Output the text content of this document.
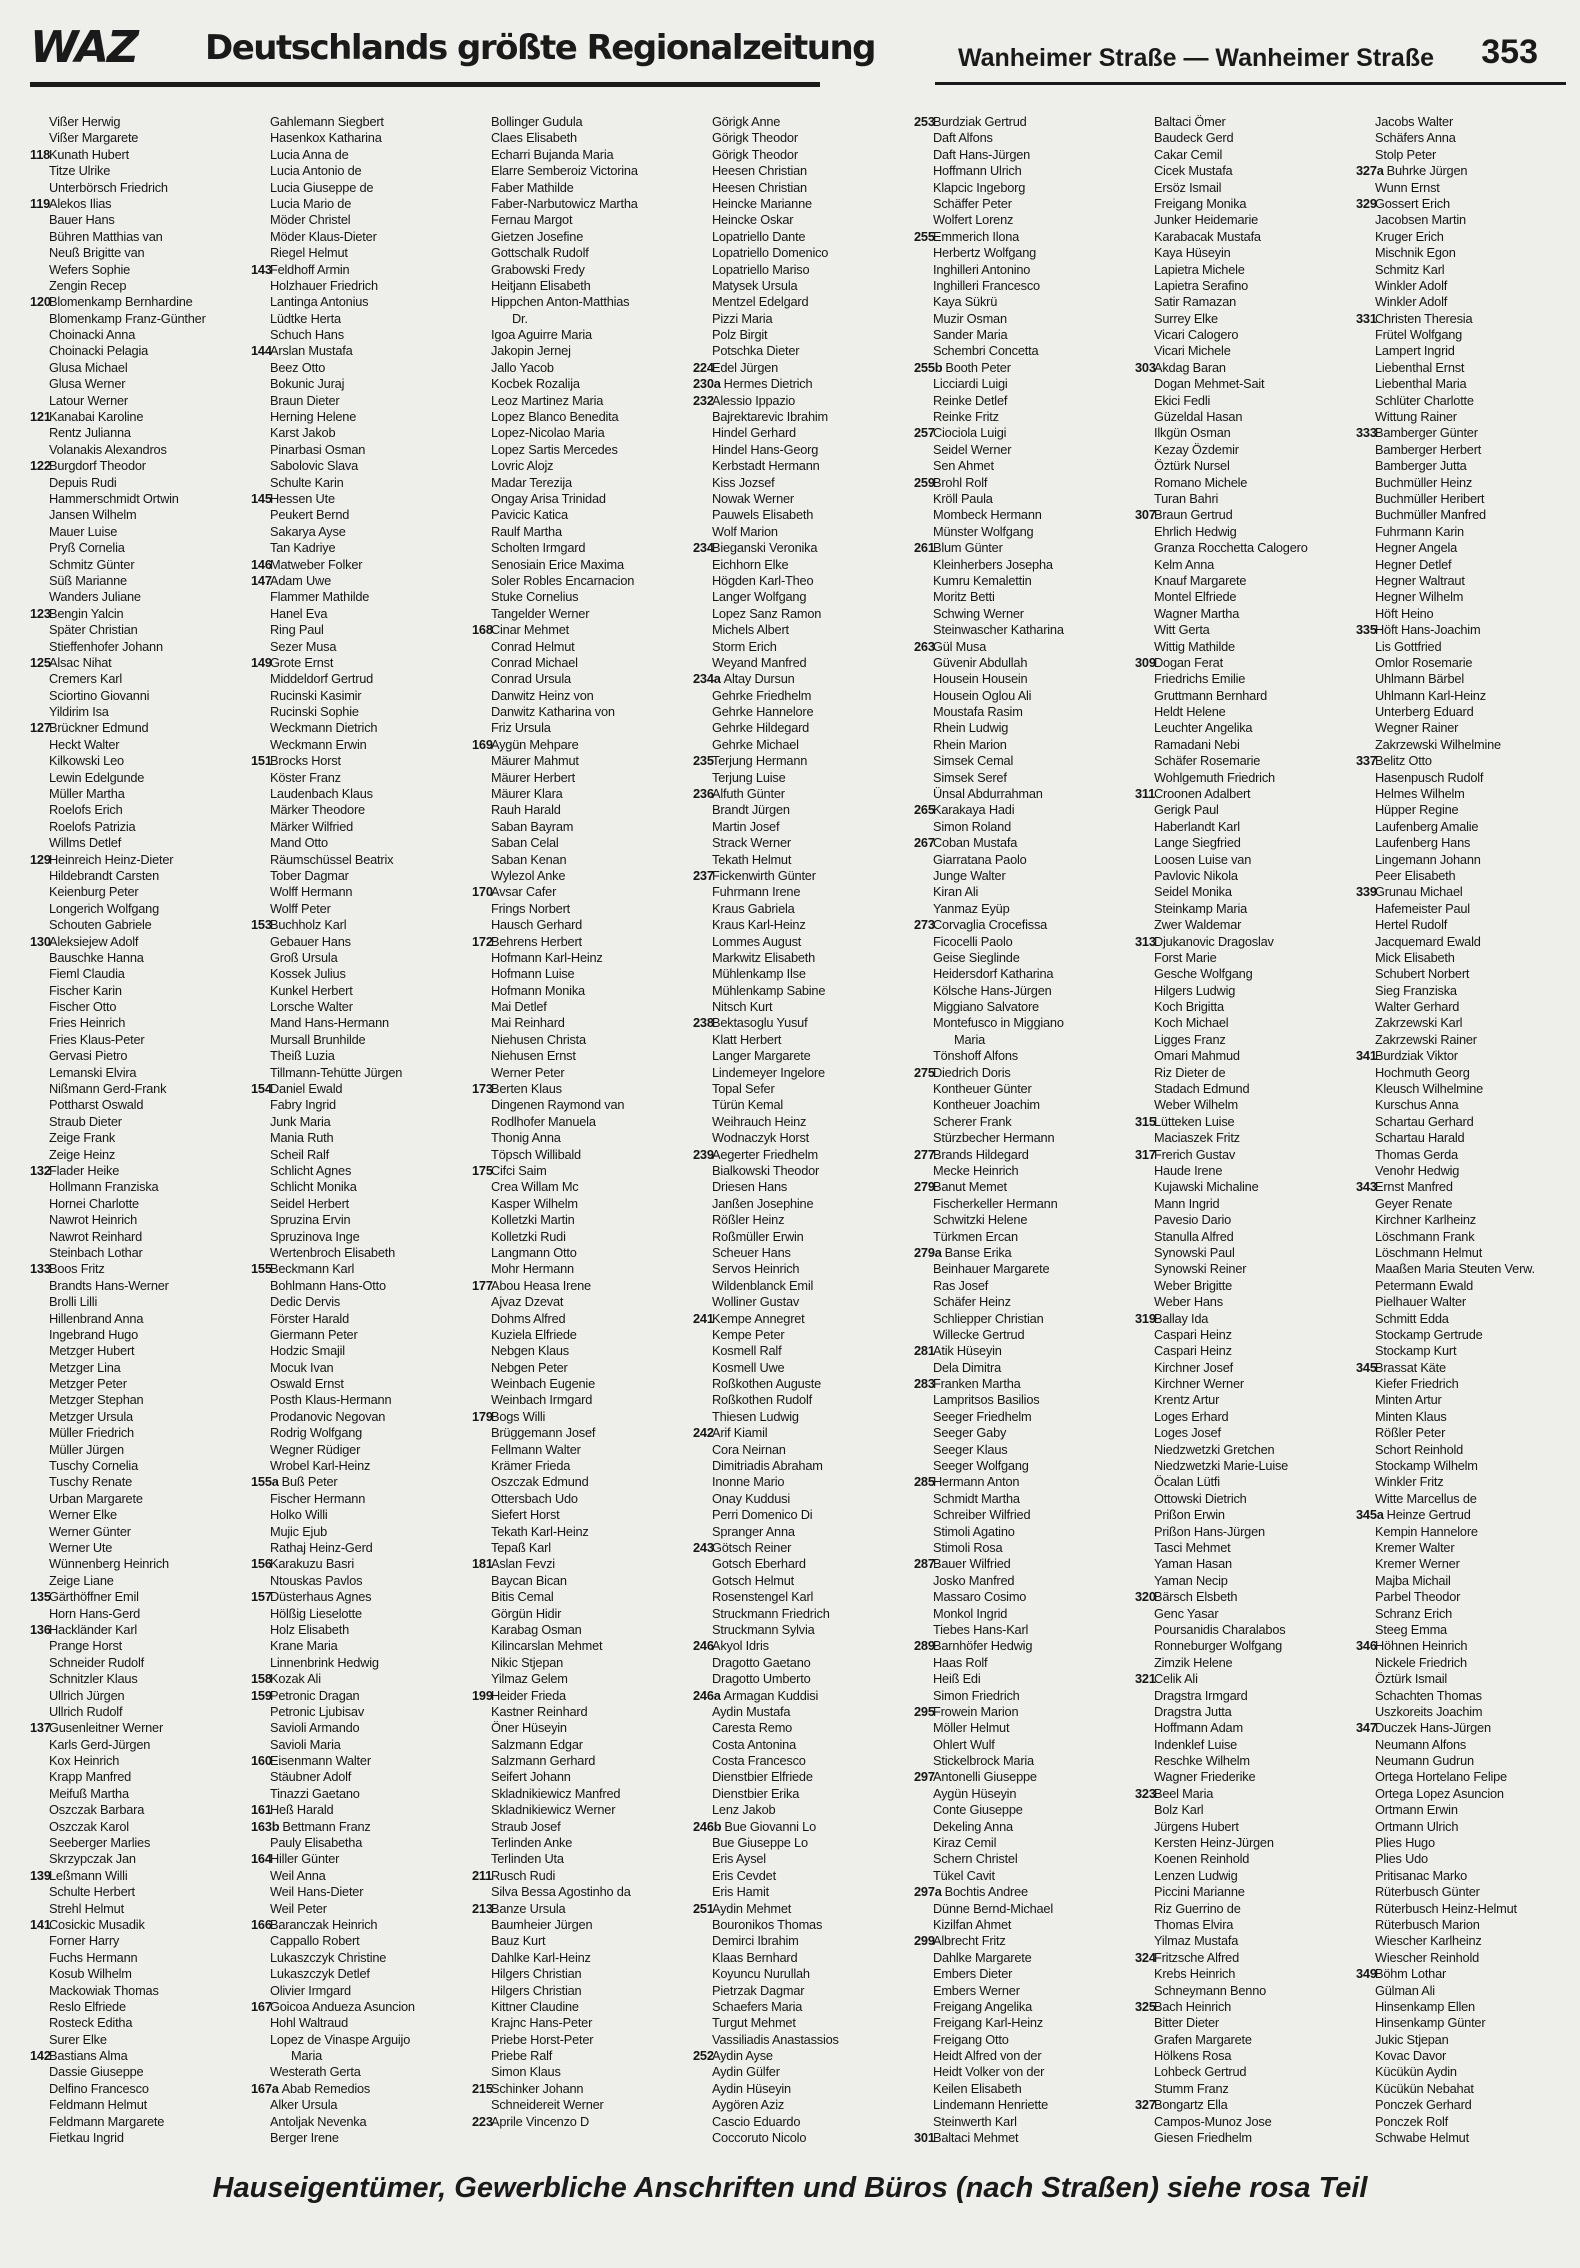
WAZ Deutschlands größte Regionalzeitung	Wanheimer Straße — Wanheimer Straße 353
Vißer Herwig
Vißer Margarete
118Kunath Hubert
Titze Ulrike
Unterbörsch Friedrich
119Alekos Ilias
Bauer Hans
Bühren Matthias van
Neuß Brigitte van
Wefers Sophie
Zengin Recep
120Blomenkamp Bernhardine
Blomenkamp Franz-Günther
Choinacki Anna
Choinacki Pelagia
Glusa Michael
Glusa Werner
Latour Werner
121Kanabai Karoline
Rentz Julianna
Volanakis Alexandros
122Burgdorf Theodor
Depuis Rudi
Hammerschmidt Ortwin
Jansen Wilhelm
Mauer Luise
Pryß Cornelia
Schmitz Günter
Süß Marianne
Wanders Juliane
123Bengin Yalcin
Später Christian
Stieffenhofer Johann
125Alsac Nihat
Cremers Karl
Sciortino Giovanni
Yildirim Isa
127Brückner Edmund
Heckt Walter
Kilkowski Leo
Lewin Edelgunde
Müller Martha
Roelofs Erich
Roelofs Patrizia
Willms Detlef
129Heinreich Heinz-Dieter
Hildebrandt Carsten
Keienburg Peter
Longerich Wolfgang
Schouten Gabriele
130Aleksiejew Adolf
Bauschke Hanna
Fieml Claudia
Fischer Karin
Fischer Otto
Fries Heinrich
Fries Klaus-Peter
Gervasi Pietro
Lemanski Elvira
Nißmann Gerd-Frank
Pottharst Oswald
Straub Dieter
Zeige Frank
Zeige Heinz
132Flader Heike
Hollmann Franziska
Hornei Charlotte
Nawrot Heinrich
Nawrot Reinhard
Steinbach Lothar
133Boos Fritz
Brandts Hans-Werner
Brolli Lilli
Hillenbrand Anna
Ingebrand Hugo
Metzger Hubert
Metzger Lina
Metzger Peter
Metzger Stephan
Metzger Ursula
Müller Friedrich
Müller Jürgen
Tuschy Cornelia
Tuschy Renate
Urban Margarete
Werner Elke
Werner Günter
Werner Ute
Wünnenberg Heinrich
Zeige Liane
135Gärthöffner Emil
Horn Hans-Gerd
136Hackländer Karl
Prange Horst
Schneider Rudolf
Schnitzler Klaus
Ullrich Jürgen
Ullrich Rudolf
137Gusenleitner Werner
Karls Gerd-Jürgen
Kox Heinrich
Krapp Manfred
Meifuß Martha
Oszczak Barbara
Oszczak Karol
Seeberger Marlies
Skrzypczak Jan
139Leßmann Willi
Schulte Herbert
Strehl Helmut
141Cosickic Musadik
Forner Harry
Fuchs Hermann
Kosub Wilhelm
Mackowiak Thomas
Reslo Elfriede
Rosteck Editha
Surer Elke
142Bastians Alma
Dassie Giuseppe
Delfino Francesco
Feldmann Helmut
Feldmann Margarete
Fietkau Ingrid
Gahlemann Siegbert
Hasenkox Katharina
Lucia Anna de
Lucia Antonio de
Lucia Giuseppe de
Lucia Mario de
Möder Christel
Möder Klaus-Dieter
Riegel Helmut
143Feldhoff Armin
Holzhauer Friedrich
Lantinga Antonius
Lüdtke Herta
Schuch Hans
144Arslan Mustafa
Beez Otto
Bokunic Juraj
Braun Dieter
Herning Helene
Karst Jakob
Pinarbasi Osman
Sabolovic Slava
Schulte Karin
145Hessen Ute
Peukert Bernd
Sakarya Ayse
Tan Kadriye
146Matweber Folker
147Adam Uwe
Flammer Mathilde
Hanel Eva
Ring Paul
Sezer Musa
149Grote Ernst
Middeldorf Gertrud
Rucinski Kasimir
Rucinski Sophie
Weckmann Dietrich
Weckmann Erwin
151Brocks Horst
Köster Franz
Laudenbach Klaus
Märker Theodore
Märker Wilfried
Mand Otto
Räumschüssel Beatrix
Tober Dagmar
Wolff Hermann
Wolff Peter
153Buchholz Karl
Gebauer Hans
Groß Ursula
Kossek Julius
Kunkel Herbert
Lorsche Walter
Mand Hans-Hermann
Mursall Brunhilde
Theiß Luzia
Tillmann-Tehütte Jürgen
154Daniel Ewald
Fabry Ingrid
Junk Maria
Mania Ruth
Scheil Ralf
Schlicht Agnes
Schlicht Monika
Seidel Herbert
Spruzina Ervin
Spruzinova Inge
Wertenbroch Elisabeth
155Beckmann Karl
Bohlmann Hans-Otto
Dedic Dervis
Förster Harald
Giermann Peter
Hodzic Smajil
Mocuk Ivan
Oswald Ernst
Posth Klaus-Hermann
Prodanovic Negovan
Rodrig Wolfgang
Wegner Rüdiger
Wrobel Karl-Heinz
155a Buß Peter
Fischer Hermann
Holko Willi
Mujic Ejub
Rathaj Heinz-Gerd
156Karakuzu Basri
Ntouskas Pavlos
157Düsterhaus Agnes
Hölßig Lieselotte
Holz Elisabeth
Krane Maria
Linnenbrink Hedwig
158Kozak Ali
159Petronic Dragan
Petronic Ljubisav
Savioli Armando
Savioli Maria
160Eisenmann Walter
Stäubner Adolf
Tinazzi Gaetano
161Heß Harald
163b Bettmann Franz
Pauly Elisabetha
164Hiller Günter
Weil Anna
Weil Hans-Dieter
Weil Peter
166Baranczak Heinrich
Cappallo Robert
Lukaszczyk Christine
Lukaszczyk Detlef
Olivier Irmgard
167Goicoa Andueza Asuncion
Hohl Waltraud
Lopez de Vinaspe Arguijo
Maria
Westerath Gerta
167a Abab Remedios
Alker Ursula
Antoljak Nevenka
Berger Irene
Bollinger Gudula
Claes Elisabeth
Echarri Bujanda Maria
Elarre Semberoiz Victorina
Faber Mathilde
Faber-Narbutowicz Martha
Fernau Margot
Gietzen Josefine
Gottschalk Rudolf
Grabowski Fredy
Heitjann Elisabeth
Hippchen Anton-Matthias
Dr.
Igoa Aguirre Maria
Jakopin Jernej
Jallo Yacob
Kocbek Rozalija
Leoz Martinez Maria
Lopez Blanco Benedita
Lopez-Nicolao Maria
Lopez Sartis Mercedes
Lovric Alojz
Madar Terezija
Ongay Arisa Trinidad
Pavicic Katica
Raulf Martha
Scholten Irmgard
Senosiain Erice Maxima
Soler Robles Encarnacion
Stuke Cornelius
Tangelder Werner
168Cinar Mehmet
Conrad Helmut
Conrad Michael
Conrad Ursula
Danwitz Heinz von
Danwitz Katharina von
Friz Ursula
169Aygün Mehpare
Mäurer Mahmut
Mäurer Herbert
Mäurer Klara
Rauh Harald
Saban Bayram
Saban Celal
Saban Kenan
Wylezol Anke
170Avsar Cafer
Frings Norbert
Hausch Gerhard
172Behrens Herbert
Hofmann Karl-Heinz
Hofmann Luise
Hofmann Monika
Mai Detlef
Mai Reinhard
Niehusen Christa
Niehusen Ernst
Werner Peter
173Berten Klaus
Dingenen Raymond van
Rodlhofer Manuela
Thonig Anna
Töpsch Willibald
175Cifci Saim
Crea Willam Mc
Kasper Wilhelm
Kolletzki Martin
Kolletzki Rudi
Langmann Otto
Mohr Hermann
177Abou Heasa Irene
Ajvaz Dzevat
Dohms Alfred
Kuziela Elfriede
Nebgen Klaus
Nebgen Peter
Weinbach Eugenie
Weinbach Irmgard
179Bogs Willi
Brüggemann Josef
Fellmann Walter
Krämer Frieda
Oszczak Edmund
Ottersbach Udo
Siefert Horst
Tekath Karl-Heinz
Tepaß Karl
181Aslan Fevzi
Baycan Bican
Bitis Cemal
Görgün Hidir
Karabag Osman
Kilincarslan Mehmet
Nikic Stjepan
Yilmaz Gelem
199Heider Frieda
Kastner Reinhard
Öner Hüseyin
Salzmann Edgar
Salzmann Gerhard
Seifert Johann
Skladnikiewicz Manfred
Skladnikiewicz Werner
Straub Josef
Terlinden Anke
Terlinden Uta
211Rusch Rudi
Silva Bessa Agostinho da
213Banze Ursula
Baumheier Jürgen
Bauz Kurt
Dahlke Karl-Heinz
Hilgers Christian
Hilgers Christian
Kittner Claudine
Krajnc Hans-Peter
Priebe Horst-Peter
Priebe Ralf
Simon Klaus
215Schinker Johann
Schneidereit Werner
223Aprile Vincenzo D
Görigk Anne
Görigk Theodor
Görigk Theodor
Heesen Christian
Heesen Christian
Heincke Marianne
Heincke Oskar
Lopatriello Dante
Lopatriello Domenico
Lopatriello Mariso
Matysek Ursula
Mentzel Edelgard
Pizzi Maria
Polz Birgit
Potschka Dieter
224Edel Jürgen
230a Hermes Dietrich
232Alessio Ippazio
Bajrektarevic Ibrahim
Hindel Gerhard
Hindel Hans-Georg
Kerbstadt Hermann
Kiss Jozsef
Nowak Werner
Pauwels Elisabeth
Wolf Marion
234Bieganski Veronika
Eichhorn Elke
Högden Karl-Theo
Langer Wolfgang
Lopez Sanz Ramon
Michels Albert
Storm Erich
Weyand Manfred
234a Altay Dursun
Gehrke Friedhelm
Gehrke Hannelore
Gehrke Hildegard
Gehrke Michael
235Terjung Hermann
Terjung Luise
236Alfuth Günter
Brandt Jürgen
Martin Josef
Strack Werner
Tekath Helmut
237Fickenwirth Günter
Fuhrmann Irene
Kraus Gabriela
Kraus Karl-Heinz
Lommes August
Markwitz Elisabeth
Mühlenkamp Ilse
Mühlenkamp Sabine
Nitsch Kurt
238Bektasoglu Yusuf
Klatt Herbert
Langer Margarete
Lindemeyer Ingelore
Topal Sefer
Türün Kemal
Weihrauch Heinz
Wodnaczyk Horst
239Aegerter Friedhelm
Bialkowski Theodor
Driesen Hans
Janßen Josephine
Rößler Heinz
Roßmüller Erwin
Scheuer Hans
Servos Heinrich
Wildenblanck Emil
Wolliner Gustav
241Kempe Annegret
Kempe Peter
Kosmell Ralf
Kosmell Uwe
Roßkothen Auguste
Roßkothen Rudolf
Thiesen Ludwig
242Arif Kiamil
Cora Neirnan
Dimitriadis Abraham
Inonne Mario
Onay Kuddusi
Perri Domenico Di
Spranger Anna
243Götsch Reiner
Gotsch Eberhard
Gotsch Helmut
Rosenstengel Karl
Struckmann Friedrich
Struckmann Sylvia
246Akyol Idris
Dragotto Gaetano
Dragotto Umberto
246a Armagan Kuddisi
Aydin Mustafa
Caresta Remo
Costa Antonina
Costa Francesco
Dienstbier Elfriede
Dienstbier Erika
Lenz Jakob
246b Bue Giovanni Lo
Bue Giuseppe Lo
Eris Aysel
Eris Cevdet
Eris Hamit
251Aydin Mehmet
Bouronikos Thomas
Demirci Ibrahim
Klaas Bernhard
Koyuncu Nurullah
Pietrzak Dagmar
Schaefers Maria
Turgut Mehmet
Vassiliadis Anastassios
252Aydin Ayse
Aydin Gülfer
Aydin Hüseyin
Aygören Aziz
Cascio Eduardo
Coccoruto Nicolo
253Burdziak Gertrud
Daft Alfons
Daft Hans-Jürgen
Hoffmann Ulrich
Klapcic Ingeborg
Schäffer Peter
Wolfert Lorenz
255Emmerich Ilona
Herbertz Wolfgang
Inghilleri Antonino
Inghilleri Francesco
Kaya Sükrü
Muzir Osman
Sander Maria
Schembri Concetta
255b Booth Peter
Licciardi Luigi
Reinke Detlef
Reinke Fritz
257Ciociola Luigi
Seidel Werner
Sen Ahmet
259Brohl Rolf
Kröll Paula
Mombeck Hermann
Münster Wolfgang
261Blum Günter
Kleinherbers Josepha
Kumru Kemalettin
Moritz Betti
Schwing Werner
Steinwascher Katharina
263Gül Musa
Güvenir Abdullah
Housein Housein
Housein Oglou Ali
Moustafa Rasim
Rhein Ludwig
Rhein Marion
Simsek Cemal
Simsek Seref
Ünsal Abdurrahman
265Karakaya Hadi
Simon Roland
267Coban Mustafa
Giarratana Paolo
Junge Walter
Kiran Ali
Yanmaz Eyüp
273Corvaglia Crocefissa
Ficocelli Paolo
Geise Sieglinde
Heidersdorf Katharina
Kölsche Hans-Jürgen
Miggiano Salvatore
Montefusco in Miggiano
Maria
Tönshoff Alfons
275Diedrich Doris
Kontheuer Günter
Kontheuer Joachim
Scherer Frank
Stürzbecher Hermann
277Brands Hildegard
Mecke Heinrich
279Banut Memet
Fischerkeller Hermann
Schwitzki Helene
Türkmen Ercan
279a Banse Erika
Beinhauer Margarete
Ras Josef
Schäfer Heinz
Schliepper Christian
Willecke Gertrud
281Atik Hüseyin
Dela Dimitra
283Franken Martha
Lampritsos Basilios
Seeger Friedhelm
Seeger Gaby
Seeger Klaus
Seeger Wolfgang
285Hermann Anton
Schmidt Martha
Schreiber Wilfried
Stimoli Agatino
Stimoli Rosa
287Bauer Wilfried
Josko Manfred
Massaro Cosimo
Monkol Ingrid
Tiebes Hans-Karl
289Barnhöfer Hedwig
Haas Rolf
Heiß Edi
Simon Friedrich
295Frowein Marion
Möller Helmut
Ohlert Wulf
Stickelbrock Maria
297Antonelli Giuseppe
Aygün Hüseyin
Conte Giuseppe
Dekeling Anna
Kiraz Cemil
Schern Christel
Tükel Cavit
297a Bochtis Andree
Dünne Bernd-Michael
Kizilfan Ahmet
299Albrecht Fritz
Dahlke Margarete
Embers Dieter
Embers Werner
Freigang Angelika
Freigang Karl-Heinz
Freigang Otto
Heidt Alfred von der
Heidt Volker von der
Keilen Elisabeth
Lindemann Henriette
Steinwerth Karl
301Baltaci Mehmet
Baltaci Ömer
Baudeck Gerd
Cakar Cemil
Cicek Mustafa
Ersöz Ismail
Freigang Monika
Junker Heidemarie
Karabacak Mustafa
Kaya Hüseyin
Lapietra Michele
Lapietra Serafino
Satir Ramazan
Surrey Elke
Vicari Calogero
Vicari Michele
303Akdag Baran
Dogan Mehmet-Sait
Ekici Fedli
Güzeldal Hasan
Ilkgün Osman
Kezay Özdemir
Öztürk Nursel
Romano Michele
Turan Bahri
307Braun Gertrud
Ehrlich Hedwig
Granza Rocchetta Calogero
Kelm Anna
Knauf Margarete
Montel Elfriede
Wagner Martha
Witt Gerta
Wittig Mathilde
309Dogan Ferat
Friedrichs Emilie
Gruttmann Bernhard
Heldt Helene
Leuchter Angelika
Ramadani Nebi
Schäfer Rosemarie
Wohlgemuth Friedrich
311Croonen Adalbert
Gerigk Paul
Haberlandt Karl
Lange Siegfried
Loosen Luise van
Pavlovic Nikola
Seidel Monika
Steinkamp Maria
Zwer Waldemar
313Djukanovic Dragoslav
Forst Marie
Gesche Wolfgang
Hilgers Ludwig
Koch Brigitta
Koch Michael
Ligges Franz
Omari Mahmud
Riz Dieter de
Stadach Edmund
Weber Wilhelm
315Lütteken Luise
Maciaszek Fritz
317Frerich Gustav
Haude Irene
Kujawski Michaline
Mann Ingrid
Pavesio Dario
Stanulla Alfred
Synowski Paul
Synowski Reiner
Weber Brigitte
Weber Hans
319Ballay Ida
Caspari Heinz
Caspari Heinz
Kirchner Josef
Kirchner Werner
Krentz Artur
Loges Erhard
Loges Josef
Niedzwetzki Gretchen
Niedzwetzki Marie-Luise
Öcalan Lütfi
Ottowski Dietrich
Prißon Erwin
Prißon Hans-Jürgen
Tasci Mehmet
Yaman Hasan
Yaman Necip
320Bärsch Elsbeth
Genc Yasar
Poursanidis Charalabos
Ronneburger Wolfgang
Zimzik Helene
321Celik Ali
Dragstra Irmgard
Dragstra Jutta
Hoffmann Adam
Indenklef Luise
Reschke Wilhelm
Wagner Friederike
323Beel Maria
Bolz Karl
Jürgens Hubert
Kersten Heinz-Jürgen
Koenen Reinhold
Lenzen Ludwig
Piccini Marianne
Riz Guerrino de
Thomas Elvira
Yilmaz Mustafa
324Fritzsche Alfred
Krebs Heinrich
Schneymann Benno
325Bach Heinrich
Bitter Dieter
Grafen Margarete
Hölkens Rosa
Lohbeck Gertrud
Stumm Franz
327Bongartz Ella
Campos-Munoz Jose
Giesen Friedhelm
Jacobs Walter
Schäfers Anna
Stolp Peter
327a Buhrke Jürgen
Wunn Ernst
329Gossert Erich
Jacobsen Martin
Kruger Erich
Mischnik Egon
Schmitz Karl
Winkler Adolf
Winkler Adolf
331Christen Theresia
Frütel Wolfgang
Lampert Ingrid
Liebenthal Ernst
Liebenthal Maria
Schlüter Charlotte
Wittung Rainer
333Bamberger Günter
Bamberger Herbert
Bamberger Jutta
Buchmüller Heinz
Buchmüller Heribert
Buchmüller Manfred
Fuhrmann Karin
Hegner Angela
Hegner Detlef
Hegner Waltraut
Hegner Wilhelm
Höft Heino
335Höft Hans-Joachim
Lis Gottfried
Omlor Rosemarie
Uhlmann Bärbel
Uhlmann Karl-Heinz
Unterberg Eduard
Wegner Rainer
Zakrzewski Wilhelmine
337Belitz Otto
Hasenpusch Rudolf
Helmes Wilhelm
Hüpper Regine
Laufenberg Amalie
Laufenberg Hans
Lingemann Johann
Peer Elisabeth
339Grunau Michael
Hafemeister Paul
Hertel Rudolf
Jacquemard Ewald
Mick Elisabeth
Schubert Norbert
Sieg Franziska
Walter Gerhard
Zakrzewski Karl
Zakrzewski Rainer
341Burdziak Viktor
Hochmuth Georg
Kleusch Wilhelmine
Kurschus Anna
Schartau Gerhard
Schartau Harald
Thomas Gerda
Venohr Hedwig
343Ernst Manfred
Geyer Renate
Kirchner Karlheinz
Löschmann Frank
Löschmann Helmut
Maaßen Maria Steuten Verw.
Petermann Ewald
Pielhauer Walter
Schmitt Edda
Stockamp Gertrude
Stockamp Kurt
345Brassat Käte
Kiefer Friedrich
Minten Artur
Minten Klaus
Rößler Peter
Schort Reinhold
Stockamp Wilhelm
Winkler Fritz
Witte Marcellus de
345a Heinze Gertrud
Kempin Hannelore
Kremer Walter
Kremer Werner
Majba Michail
Parbel Theodor
Schranz Erich
Steeg Emma
346Höhnen Heinrich
Nickele Friedrich
Öztürk Ismail
Schachten Thomas
Uszkoreits Joachim
347Duczek Hans-Jürgen
Neumann Alfons
Neumann Gudrun
Ortega Hortelano Felipe
Ortega Lopez Asuncion
Ortmann Erwin
Ortmann Ulrich
Plies Hugo
Plies Udo
Pritisanac Marko
Rüterbusch Günter
Rüterbusch Heinz-Helmut
Rüterbusch Marion
Wiescher Karlheinz
Wiescher Reinhold
349Böhm Lothar
Gülman Ali
Hinsenkamp Ellen
Hinsenkamp Günter
Jukic Stjepan
Kovac Davor
Kücükün Aydin
Kücükün Nebahat
Ponczek Gerhard
Ponczek Rolf
Schwabe Helmut
Hauseigentümer, Gewerbliche Anschriften und Büros (nach Straßen) siehe rosa Teil
